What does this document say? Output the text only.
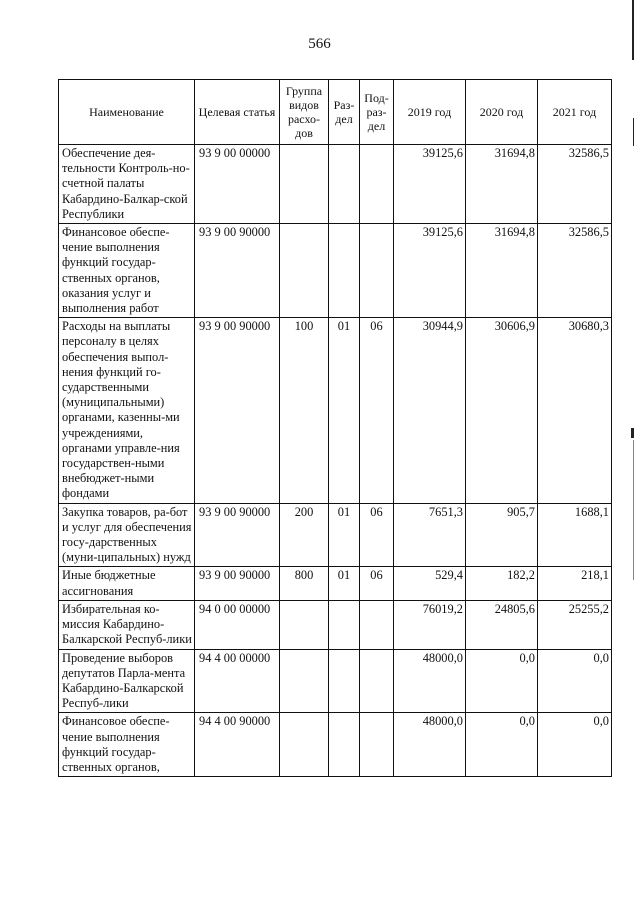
566
Наименование	Целевая статья	Группа видов расхо-дов	Раз-дел	Под-раз-дел	2019 год	2020 год	2021 год
Обеспечение дея-тельности Контроль-но-счетной палаты Кабардино-Балкар-ской Республики	93 9 00 00000				39125,6	31694,8	32586,5
Финансовое обеспе-чение выполнения функций государ-ственных органов, оказания услуг и выполнения работ	93 9 00 90000				39125,6	31694,8	32586,5
Расходы на выплаты персоналу в целях обеспечения выпол-нения функций го-сударственными (муниципальными) органами, казенны-ми учреждениями, органами управле-ния государствен-ными внебюджет-ными фондами	93 9 00 90000	100	01	06	30944,9	30606,9	30680,3
Закупка товаров, ра-бот и услуг для обеспечения госу-дарственных (муни-ципальных) нужд	93 9 00 90000	200	01	06	7651,3	905,7	1688,1
Иные бюджетные ассигнования	93 9 00 90000	800	01	06	529,4	182,2	218,1
Избирательная ко-миссия Кабардино-Балкарской Респуб-лики	94 0 00 00000				76019,2	24805,6	25255,2
Проведение выборов депутатов Парла-мента Кабардино-Балкарской Респуб-лики	94 4 00 00000				48000,0	0,0	0,0
Финансовое обеспе-чение выполнения функций государ-ственных органов,	94 4 00 90000				48000,0	0,0	0,0
